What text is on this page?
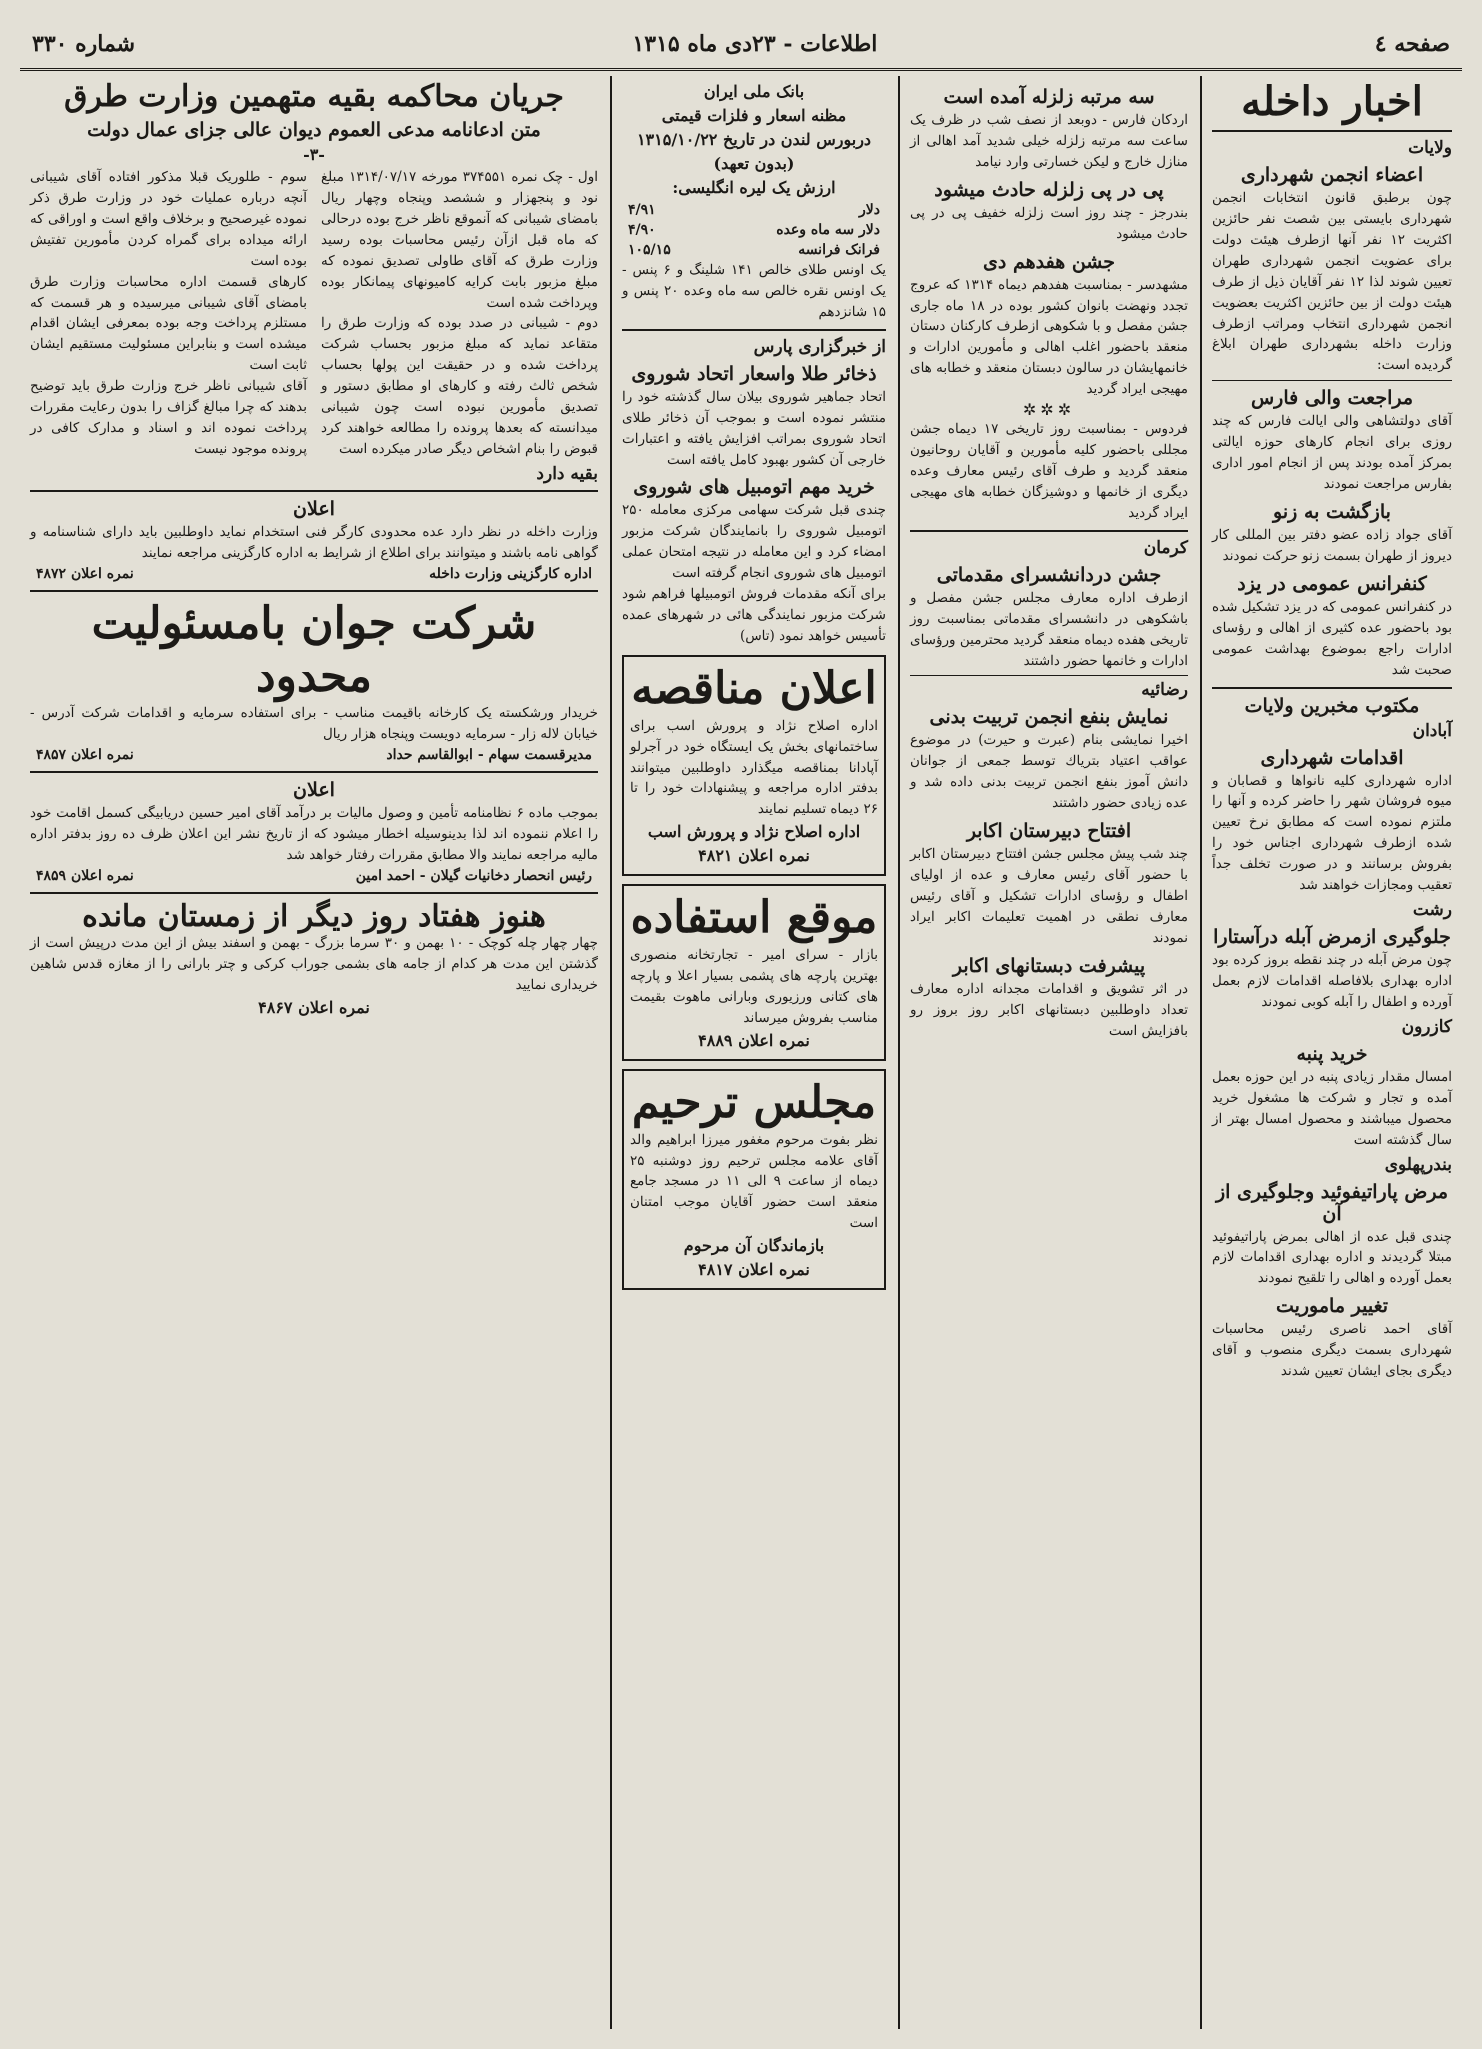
صفحه ٤
اطلاعات - ۲۳دی ماه ۱۳۱۵
شماره ۳۳۰
اخبار داخله
ولایات
اعضاء انجمن شهرداری

چون برطبق قانون انتخابات انجمن شهرداری بایستی بین شصت نفر حائزین اکثریت ۱۲ نفر آنها ازطرف هیئت دولت برای عضویت انجمن شهرداری طهران تعیین شوند لذا ۱۲ نفر آقایان ذیل از طرف هیئت دولت از بین حائزین اکثریت بعضویت انجمن شهرداری انتخاب ومراتب ازطرف وزارت داخله بشهرداری طهران ابلاغ گردیده است:

مراجعت والی فارس

آقای دولتشاهی والی ایالت فارس که چند روزی برای انجام کارهای حوزه ایالتی بمرکز آمده بودند پس از انجام امور اداری بفارس مراجعت نمودند

بازگشت به زنو

آقای جواد زاده عضو دفتر بین المللی کار دیروز از طهران بسمت زنو حرکت نمودند

کنفرانس عمومی در یزد

در کنفرانس عمومی که در یزد تشکیل شده بود باحضور عده کثیری از اهالی و رؤسای ادارات راجع بموضوع بهداشت عمومی صحبت شد

مکتوب مخبرین ولایات
آبادان
اقدامات شهرداری

اداره شهرداری کلیه نانواها و قصابان و میوه فروشان شهر را حاضر کرده و آنها را ملتزم نموده است که مطابق نرخ تعیین شده ازطرف شهرداری اجناس خود را بفروش برسانند و در صورت تخلف جداً تعقیب ومجازات خواهند شد

رشت
جلوگیری ازمرض آبله درآستارا

چون مرض آبله در چند نقطه بروز کرده بود اداره بهداری بلافاصله اقدامات لازم بعمل آورده و اطفال را آبله کوبی نمودند

کازرون
خرید پنبه

امسال مقدار زیادی پنبه در این حوزه بعمل آمده و تجار و شرکت ها مشغول خرید محصول میباشند و محصول امسال بهتر از سال گذشته است

بندرپهلوی
مرض پاراتیفوئید وجلوگیری از آن

چندی قبل عده از اهالی بمرض پاراتیفوئید مبتلا گردیدند و اداره بهداری اقدامات لازم بعمل آورده و اهالی را تلقیح نمودند

تغییر ماموریت

آقای احمد ناصری رئیس محاسبات شهرداری بسمت دیگری منصوب و آقای دیگری بجای ایشان تعیین شدند

سه مرتبه زلزله آمده است

اردکان فارس - دوبعد از نصف شب در ظرف یک ساعت سه مرتبه زلزله خیلی شدید آمد اهالی از منازل خارج و لیکن خسارتی وارد نیامد

پی در پی زلزله حادث میشود

بندرجز - چند روز است زلزله خفیف پی در پی حادث میشود

جشن هفدهم دی

مشهدسر - بمناسبت هفدهم دیماه ۱۳۱۴ که عروج تجدد ونهضت بانوان کشور بوده در ۱۸ ماه جاری جشن مفصل و با شکوهی ازطرف کارکنان دستان منعقد باحضور اغلب اهالی و مأمورین ادارات و خانمهایشان در سالون دبستان منعقد و خطابه های مهیجی ایراد گردید

✲✲✲

فردوس - بمناسبت روز تاریخی ۱۷ دیماه جشن مجللی باحضور کلیه مأمورین و آقایان روحانیون منعقد گردید و طرف آقای رئیس معارف وعده دیگری از خانمها و دوشیزگان خطابه های مهیجی ایراد گردید

کرمان
جشن دردانشسرای مقدماتی

ازطرف اداره معارف مجلس جشن مفصل و باشکوهی در دانشسرای مقدماتی بمناسبت روز تاریخی هفده دیماه منعقد گردید محترمین ورؤسای ادارات و خانمها حضور داشتند

رضائیه
نمایش بنفع انجمن تربیت بدنی

اخیرا نمایشی بنام (عبرت و حیرت) در موضوع عواقب اعتیاد بترياك توسط جمعی از جوانان دانش آموز بنفع انجمن تربیت بدنی داده شد و عده زیادی حضور داشتند

افتتاح دبیرستان اکابر

چند شب پیش مجلس جشن افتتاح دبیرستان اکابر با حضور آقای رئیس معارف و عده از اولیای اطفال و رؤسای ادارات تشکیل و آقای رئیس معارف نطقی در اهمیت تعلیمات اکابر ایراد نمودند

پیشرفت دبستانهای اکابر

در اثر تشویق و اقدامات مجدانه اداره معارف تعداد داوطلبین دبستانهای اکابر روز بروز رو بافزایش است

بانک ملی ایران
مظنه اسعار و فلزات قیمتی
دربورس لندن در تاریخ ۱۳۱۵/۱۰/۲۲
(بدون تعهد)
ارزش یک لیره انگلیسی:
دلار
۴/۹۱
دلار سه ماه وعده
۴/۹۰
فرانک فرانسه
۱۰۵/۱۵

یک اونس طلای خالص ۱۴۱ شلینگ و ۶ پنس - یک اونس نقره خالص سه ماه وعده ۲۰ پنس و ۱۵ شانزدهم

از خبرگزاری پارس
ذخائر طلا واسعار اتحاد شوروی

اتحاد جماهیر شوروی بیلان سال گذشته خود را منتشر نموده است و بموجب آن ذخائر طلای اتحاد شوروی بمراتب افزایش یافته و اعتبارات خارجی آن کشور بهبود کامل یافته است

خرید مهم اتومبیل های شوروی

چندی قبل شرکت سهامی مرکزی معامله ۲۵۰ اتومبیل شوروی را بانمایندگان شرکت مزبور امضاء کرد و این معامله در نتیجه امتحان عملی اتومبیل های شوروی انجام گرفته است

برای آنکه مقدمات فروش اتومبیلها فراهم شود شرکت مزبور نمایندگی هائی در شهرهای عمده تأسیس خواهد نمود (تاس)

اعلان مناقصه

اداره اصلاح نژاد و پرورش اسب برای ساختمانهای بخش یک ایستگاه خود در آجرلو آپادانا بمناقصه میگذارد داوطلبین میتوانند بدفتر اداره مراجعه و پیشنهادات خود را تا ۲۶ دیماه تسلیم نمایند

اداره اصلاح نژاد و پرورش اسب
نمره اعلان ۴۸۲۱
موقع استفاده

بازار - سرای امیر - تجارتخانه منصوری بهترین پارچه های پشمی بسیار اعلا و پارچه های کتانی ورزیوری وبارانی ماهوت بقیمت مناسب بفروش میرساند

نمره اعلان ۴۸۸۹
مجلس ترحیم

نظر بفوت مرحوم مغفور میرزا ابراهیم والد آقای علامه مجلس ترحیم روز دوشنبه ۲۵ دیماه از ساعت ۹ الی ۱۱ در مسجد جامع منعقد است حضور آقایان موجب امتنان است

بازماندگان آن مرحوم
نمره اعلان ۴۸۱۷
جریان محاکمه بقیه متهمین وزارت طرق
متن ادعانامه مدعی العموم دیوان عالی جزای عمال دولت
-۳-

اول - چک نمره ۳۷۴۵۵۱ مورخه ۱۳۱۴/۰۷/۱۷ مبلغ نود و پنجهزار و ششصد وپنجاه وچهار ریال بامضای شیبانی که آنموقع ناظر خرج بوده درحالی که ماه قبل ازآن رئیس محاسبات بوده رسید وزارت طرق که آقای طاولی تصدیق نموده که مبلغ مزبور بابت کرایه کامیونهای پیمانکار بوده وپرداخت شده است

دوم - شیبانی در صدد بوده که وزارت طرق را متقاعد نماید که مبلغ مزبور بحساب شرکت پرداخت شده و در حقیقت این پولها بحساب شخص ثالث رفته و کارهای او مطابق دستور و تصدیق مأمورین نبوده است چون شیبانی میدانسته که بعدها پرونده را مطالعه خواهند کرد قبوض را بنام اشخاص دیگر صادر میکرده است

سوم - طلوریک قبلا مذکور افتاده آقای شیبانی آنچه درباره عملیات خود در وزارت طرق ذکر نموده غیرصحیح و برخلاف واقع است و اوراقی که ارائه میداده برای گمراه کردن مأمورین تفتیش بوده است

کارهای قسمت اداره محاسبات وزارت طرق بامضای آقای شیبانی میرسیده و هر قسمت که مستلزم پرداخت وجه بوده بمعرفی ایشان اقدام میشده است و بنابراین مسئولیت مستقیم ایشان ثابت است

آقای شیبانی ناظر خرج وزارت طرق باید توضیح بدهند که چرا مبالغ گزاف را بدون رعایت مقررات پرداخت نموده اند و اسناد و مدارک کافی در پرونده موجود نیست

بقیه دارد
اعلان

وزارت داخله در نظر دارد عده محدودی کارگر فنی استخدام نماید داوطلبین باید دارای شناسنامه و گواهی نامه باشند و میتوانند برای اطلاع از شرایط به اداره کارگزینی مراجعه نمایند

اداره کارگزینی وزارت داخله
نمره اعلان ۴۸۷۲
شرکت جوان بامسئولیت محدود

خریدار ورشکسته یک کارخانه باقیمت مناسب - برای استفاده سرمایه و اقدامات شرکت آدرس - خیابان لاله زار - سرمایه دویست وپنجاه هزار ریال

مدیرقسمت سهام - ابوالقاسم حداد
نمره اعلان ۴۸۵۷
اعلان

بموجب ماده ۶ نظامنامه تأمین و وصول مالیات بر درآمد آقای امیر حسین دریابیگی کسمل اقامت خود را اعلام ننموده اند لذا بدینوسیله اخطار میشود که از تاریخ نشر این اعلان ظرف ده روز بدفتر اداره مالیه مراجعه نمایند والا مطابق مقررات رفتار خواهد شد

رئیس انحصار دخانیات گیلان - احمد امین
نمره اعلان ۴۸۵۹
هنوز هفتاد روز دیگر از زمستان مانده

چهار چهار چله کوچک - ۱۰ بهمن و ۳۰ سرما بزرگ - بهمن و اسفند بیش از این مدت درپیش است از گذشتن این مدت هر کدام از جامه های بشمی جوراب کرکی و چتر بارانی را از مغازه قدس شاهین خریداری نمایید

نمره اعلان ۴۸۶۷
